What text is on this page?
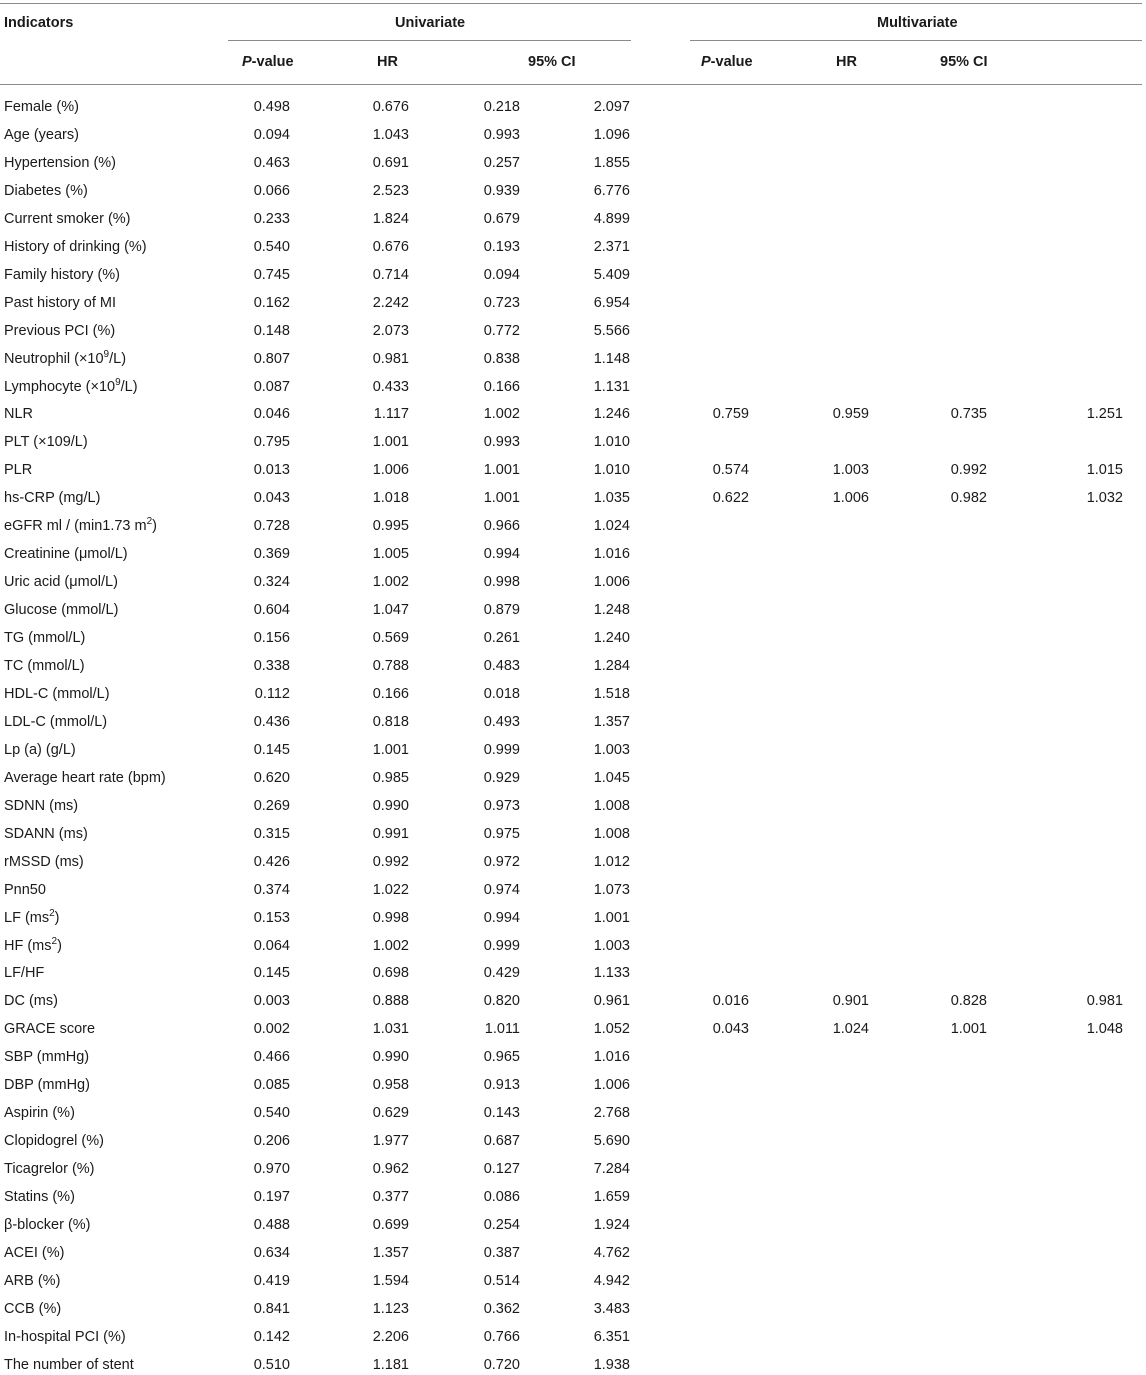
Indicators	Univariate	Multivariate
P-value	HR	95% CI	P-value	HR	95% CI
Female (%)	0.498	0.676	0.218	2.097
Age (years)	0.094	1.043	0.993	1.096
Hypertension (%)	0.463	0.691	0.257	1.855
Diabetes (%)	0.066	2.523	0.939	6.776
Current smoker (%)	0.233	1.824	0.679	4.899
History of drinking (%)	0.540	0.676	0.193	2.371
Family history (%)	0.745	0.714	0.094	5.409
Past history of MI	0.162	2.242	0.723	6.954
Previous PCI (%)	0.148	2.073	0.772	5.566
Neutrophil $(\times 10^9/L)$	0.807	0.981	0.838	1.148
Lymphocyte $(\times 10^9/L)$	0.087	0.433	0.166	1.131
NLR	0.046	1.117	1.002	1.246	0.759	0.959	0.735	1.251
PLT (×109/L)	0.795	1.001	0.993	1.010
PLR	0.013	1.006	1.001	1.010	0.574	1.003	0.992	1.015
hs-CRP (mg/L)	0.043	1.018	1.001	1.035	0.622	1.006	0.982	1.032
eGFR ml / (min1.73 $m^2$)	0.728	0.995	0.966	1.024
Creatinine (μmol/L)	0.369	1.005	0.994	1.016
Uric acid (μmol/L)	0.324	1.002	0.998	1.006
Glucose (mmol/L)	0.604	1.047	0.879	1.248
TG (mmol/L)	0.156	0.569	0.261	1.240
TC (mmol/L)	0.338	0.788	0.483	1.284
HDL-C (mmol/L)	0.112	0.166	0.018	1.518
LDL-C (mmol/L)	0.436	0.818	0.493	1.357
Lp (a) (g/L)	0.145	1.001	0.999	1.003
Average heart rate (bpm)	0.620	0.985	0.929	1.045
SDNN (ms)	0.269	0.990	0.973	1.008
SDANN (ms)	0.315	0.991	0.975	1.008
rMSSD (ms)	0.426	0.992	0.972	1.012
Pnn50	0.374	1.022	0.974	1.073
LF $(ms^2)$	0.153	0.998	0.994	1.001
HF $(ms^2)$	0.064	1.002	0.999	1.003
LF/HF	0.145	0.698	0.429	1.133
DC (ms)	0.003	0.888	0.820	0.961	0.016	0.901	0.828	0.981
GRACE score	0.002	1.031	1.011	1.052	0.043	1.024	1.001	1.048
SBP (mmHg)	0.466	0.990	0.965	1.016
DBP (mmHg)	0.085	0.958	0.913	1.006
Aspirin (%)	0.540	0.629	0.143	2.768
Clopidogrel (%)	0.206	1.977	0.687	5.690
Ticagrelor (%)	0.970	0.962	0.127	7.284
Statins (%)	0.197	0.377	0.086	1.659
β-blocker (%)	0.488	0.699	0.254	1.924
ACEI (%)	0.634	1.357	0.387	4.762
ARB (%)	0.419	1.594	0.514	4.942
CCB (%)	0.841	1.123	0.362	3.483
In-hospital PCI (%)	0.142	2.206	0.766	6.351
The number of stent	0.510	1.181	0.720	1.938
